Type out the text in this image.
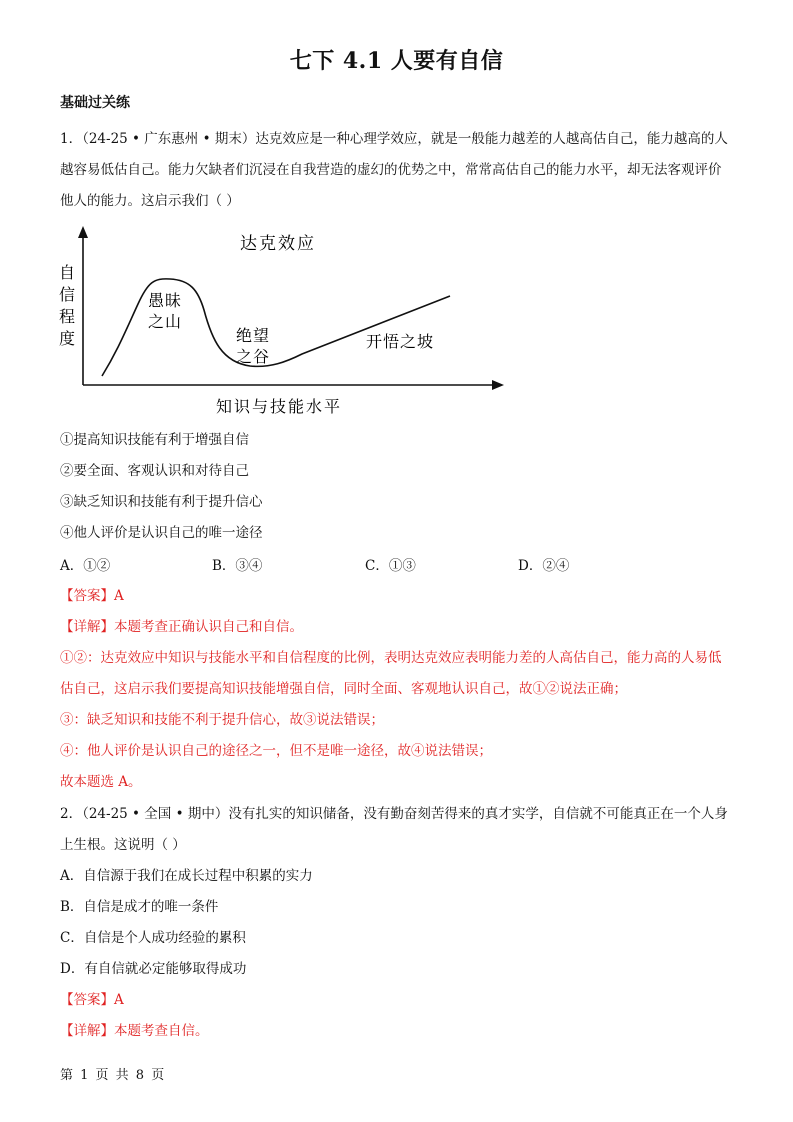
七下 4.1 人要有自信
基础过关练
1．（24-25 • 广东惠州 • 期末）达克效应是一种心理学效应，就是一般能力越差的人越高估自己，能力越高的人
越容易低估自己。能力欠缺者们沉浸在自我营造的虚幻的优势之中，常常高估自己的能力水平，却无法客观评价
他人的能力。这启示我们（ ）
达克效应
自
信
程
度
愚昧
之山
绝望
之谷
开悟之坡
知识与技能水平
①提高知识技能有利于增强自信
②要全面、客观认识和对待自己
③缺乏知识和技能有利于提升信心
④他人评价是认识自己的唯一途径
A．①②	B．③④	C．①③	D．②④
【答案】A
【详解】本题考查正确认识自己和自信。
①②：达克效应中知识与技能水平和自信程度的比例，表明达克效应表明能力差的人高估自己，能力高的人易低
估自己，这启示我们要提高知识技能增强自信，同时全面、客观地认识自己，故①②说法正确；
③：缺乏知识和技能不利于提升信心，故③说法错误；
④：他人评价是认识自己的途径之一，但不是唯一途径，故④说法错误；
故本题选 A。
2．（24-25 • 全国 • 期中）没有扎实的知识储备，没有勤奋刻苦得来的真才实学，自信就不可能真正在一个人身
上生根。这说明（ ）
A．自信源于我们在成长过程中积累的实力
B．自信是成才的唯一条件
C．自信是个人成功经验的累积
D．有自信就必定能够取得成功
【答案】A
【详解】本题考查自信。
第 1 页 共 8 页
